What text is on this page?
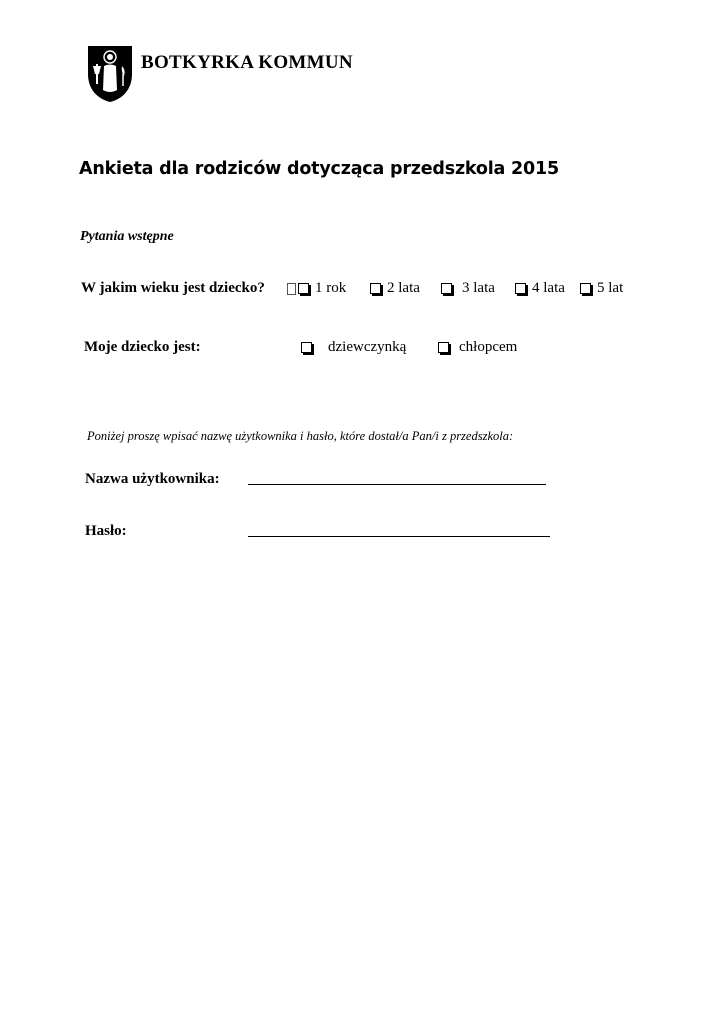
BOTKYRKA KOMMUN
Ankieta dla rodziców dotycząca przedszkola 2015
Pytania wstępne
W jakim wieku jest dziecko?	1 rok	2 lata	3 lata 4 lata 5 lat
Moje dziecko jest:	dziewczynką	chłopcem
Poniżej proszę wpisać nazwę użytkownika i hasło, które dostał/a Pan/i z przedszkola:
Nazwa użytkownika:
Hasło:
